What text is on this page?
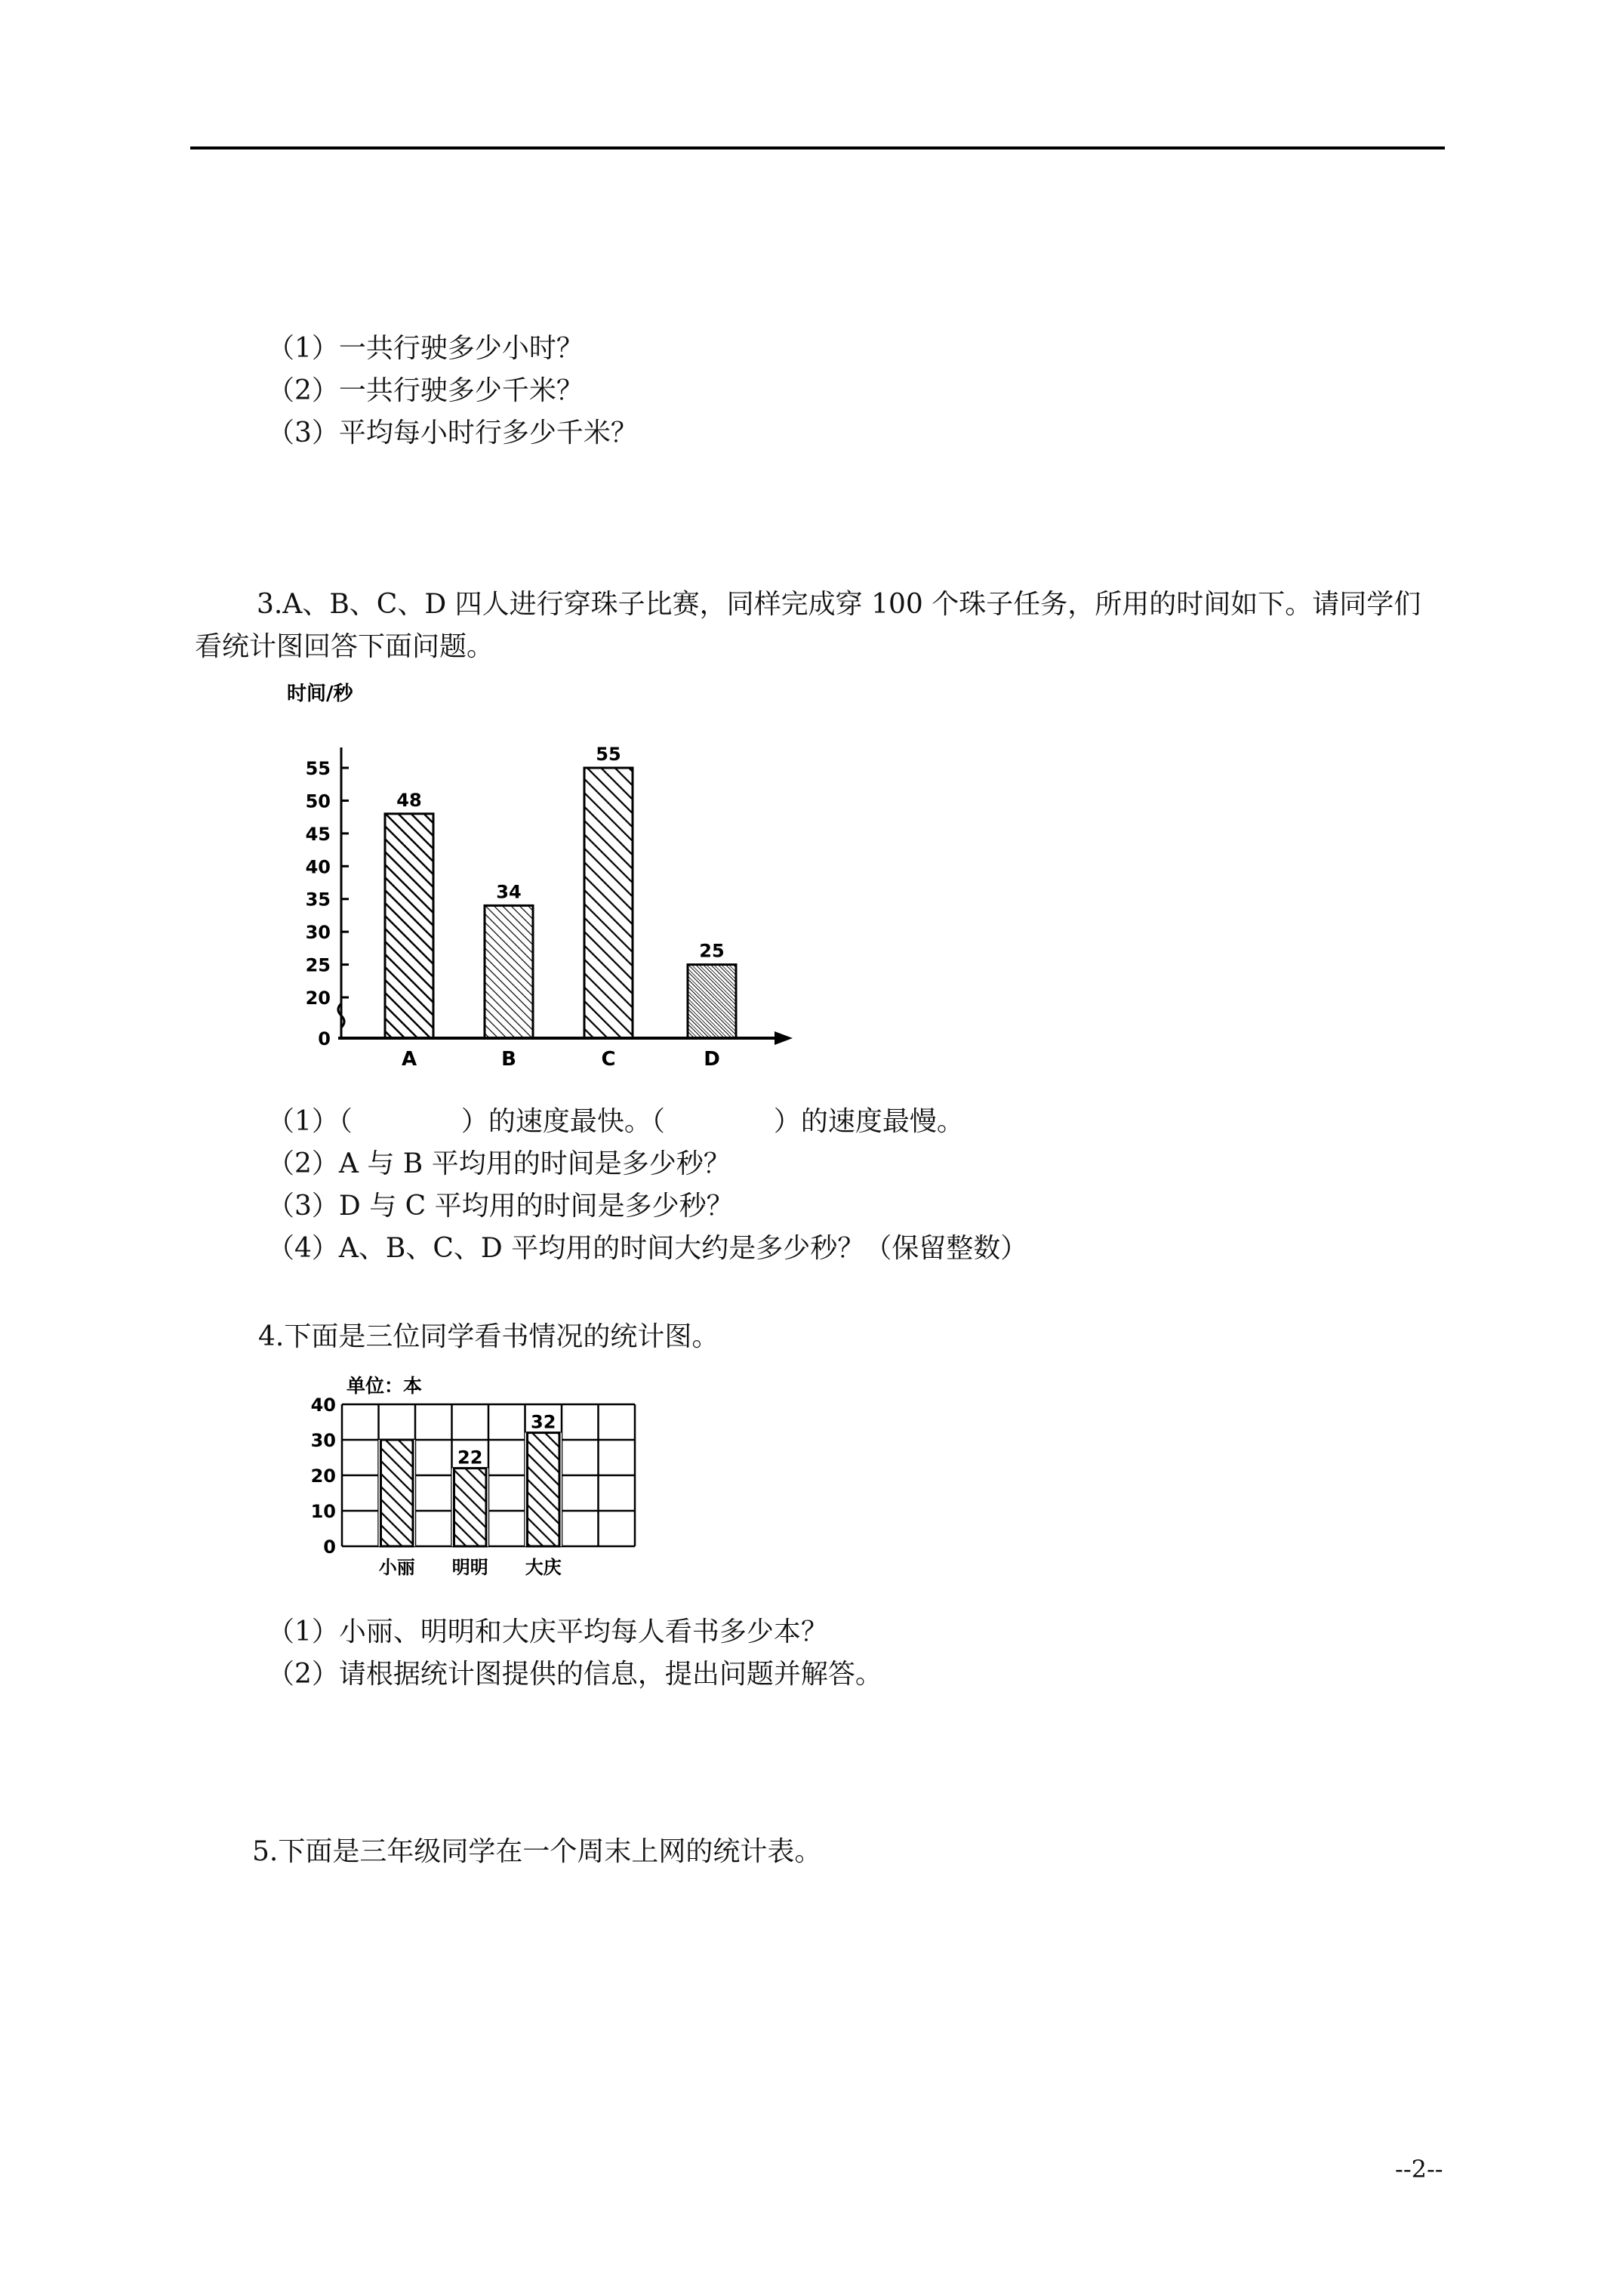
（1）一共行驶多少小时？
（2）一共行驶多少千米？
（3）平均每小时行多少千米？
3.A、B、C、D 四人进行穿珠子比赛，同样完成穿 100 个珠子任务，所用的时间如下。请同学们
看统计图回答下面问题。
时间/秒
0
20
25
30
35
40
45
50
55
48
A
34
B
55
C
25
D
（1）（　　　　）的速度最快。（　　　　）的速度最慢。
（2）A 与 B 平均用的时间是多少秒？
（3）D 与 C 平均用的时间是多少秒？
（4）A、B、C、D 平均用的时间大约是多少秒？（保留整数）
4.下面是三位同学看书情况的统计图。
单位：本
0
10
20
30
40
小丽
22
明明
32
大庆
（1）小丽、明明和大庆平均每人看书多少本？
（2）请根据统计图提供的信息，提出问题并解答。
5.下面是三年级同学在一个周末上网的统计表。
--2--
